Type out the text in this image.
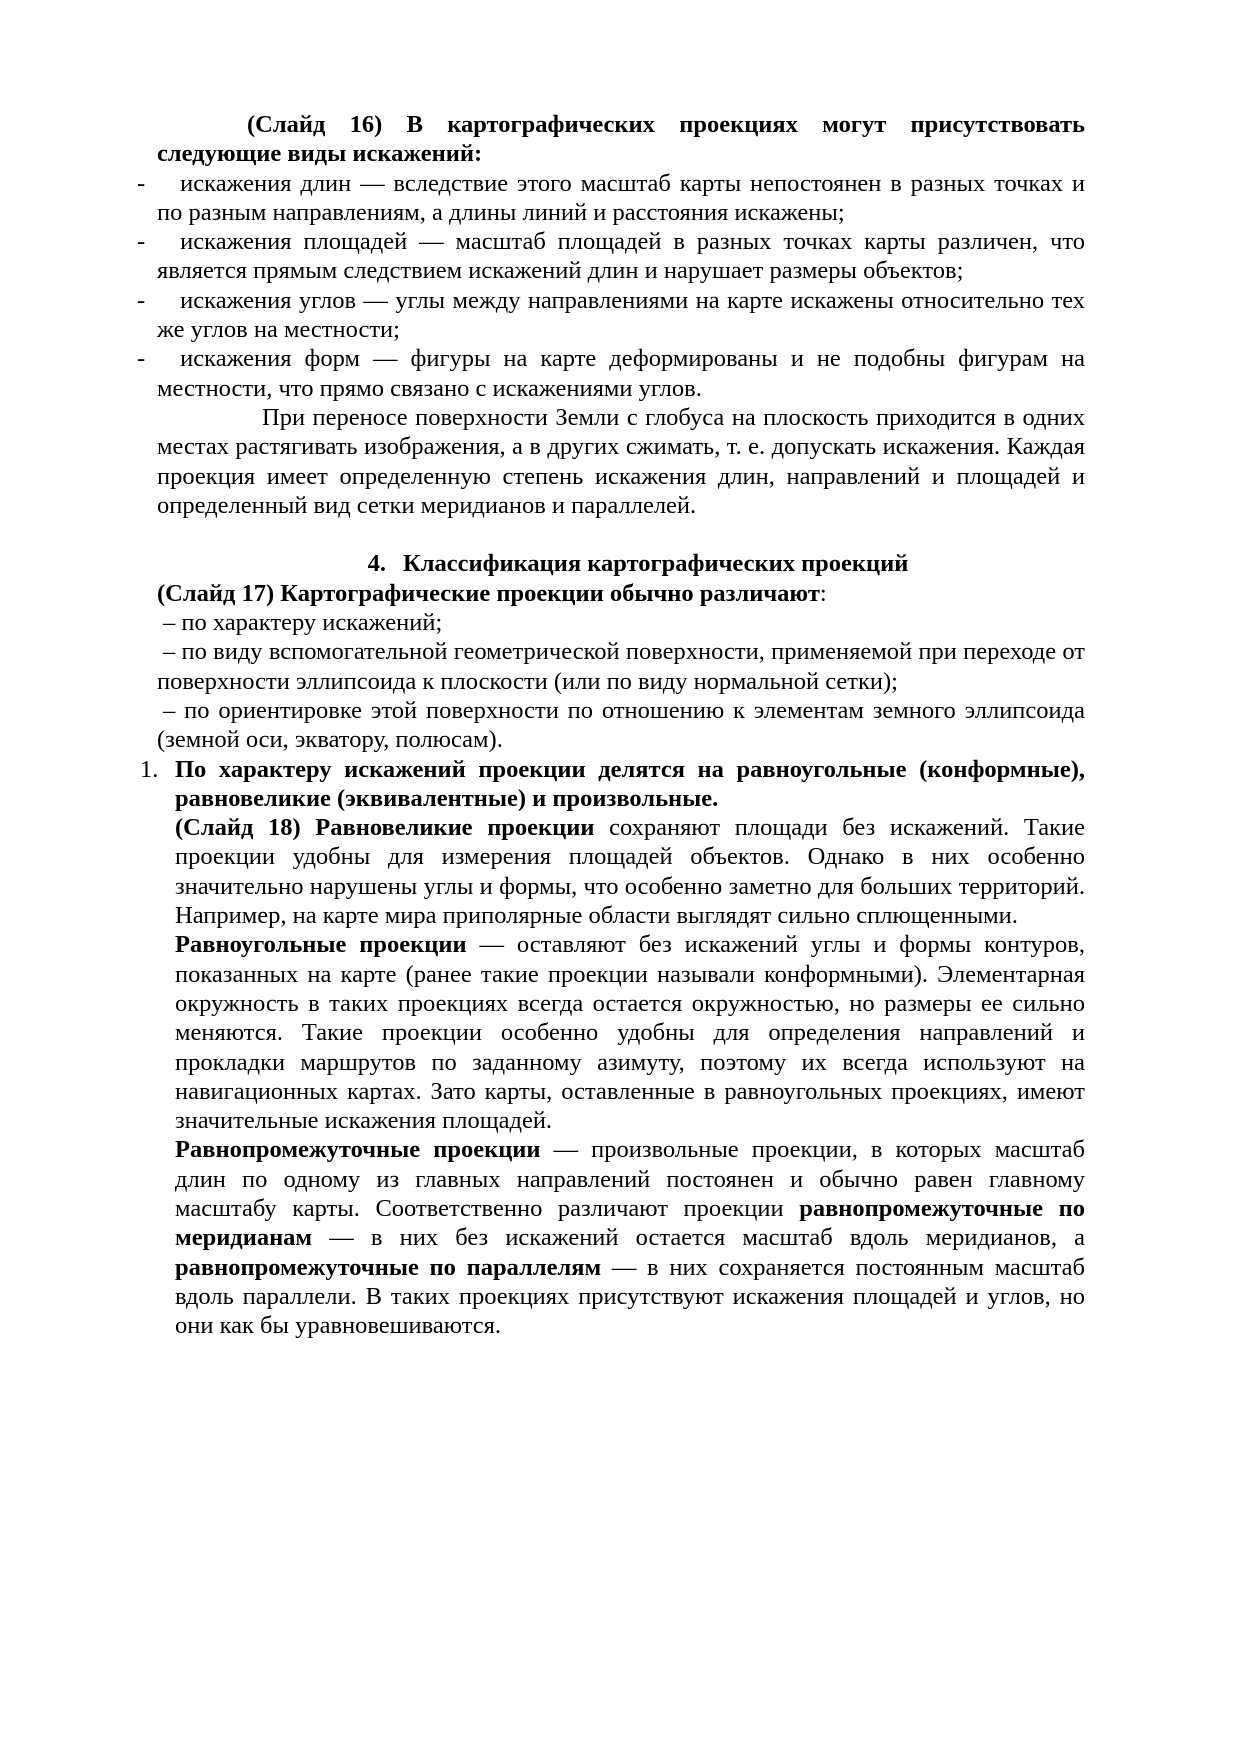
(Слайд 16) В картографических проекциях могут присутствовать следующие виды искажений:

- искажения длин — вследствие этого масштаб карты непостоянен в разных точках и по разным направлениям, а длины линий и расстояния искажены;

- искажения площадей — масштаб площадей в разных точках карты различен, что является прямым следствием искажений длин и нарушает размеры объектов;

- искажения углов — углы между направлениями на карте искажены относительно тех же углов на местности;

- искажения форм — фигуры на карте деформированы и не подобны фигурам на местности, что прямо связано с искажениями углов.

При переносе поверхности Земли с глобуса на плоскость приходится в одних местах растягивать изображения, а в других сжимать, т. е. допускать искажения. Каждая проекция имеет определенную степень искажения длин, направлений и площадей и определенный вид сетки меридианов и параллелей.

4. Классификация картографических проекций

(Слайд 17) Картографические проекции обычно различают:

– по характеру искажений;

– по виду вспомогательной геометрической поверхности, применяемой при переходе от поверхности эллипсоида к плоскости (или по виду нормальной сетки);

– по ориентировке этой поверхности по отношению к элементам земного эллипсоида (земной оси, экватору, полюсам).

1. По характеру искажений проекции делятся на равноугольные (конформные), равновеликие (эквивалентные) и произвольные.

(Слайд 18) Равновеликие проекции сохраняют площади без искажений. Такие проекции удобны для измерения площадей объектов. Однако в них особенно значительно нарушены углы и формы, что особенно заметно для больших территорий. Например, на карте мира приполярные области выглядят сильно сплющенными.

Равноугольные проекции — оставляют без искажений углы и формы контуров, показанных на карте (ранее такие проекции называли конформными). Элементарная окружность в таких проекциях всегда остается окружностью, но размеры ее сильно меняются. Такие проекции особенно удобны для определения направлений и прокладки маршрутов по заданному азимуту, поэтому их всегда используют на навигационных картах. Зато карты, оставленные в равноугольных проекциях, имеют значительные искажения площадей.

Равнопромежуточные проекции — произвольные проекции, в которых масштаб длин по одному из главных направлений постоянен и обычно равен главному масштабу карты. Соответственно различают проекции равнопромежуточные по меридианам — в них без искажений остается масштаб вдоль меридианов, а равнопромежуточные по параллелям — в них сохраняется постоянным масштаб вдоль параллели. В таких проекциях присутствуют искажения площадей и углов, но они как бы уравновешиваются.
